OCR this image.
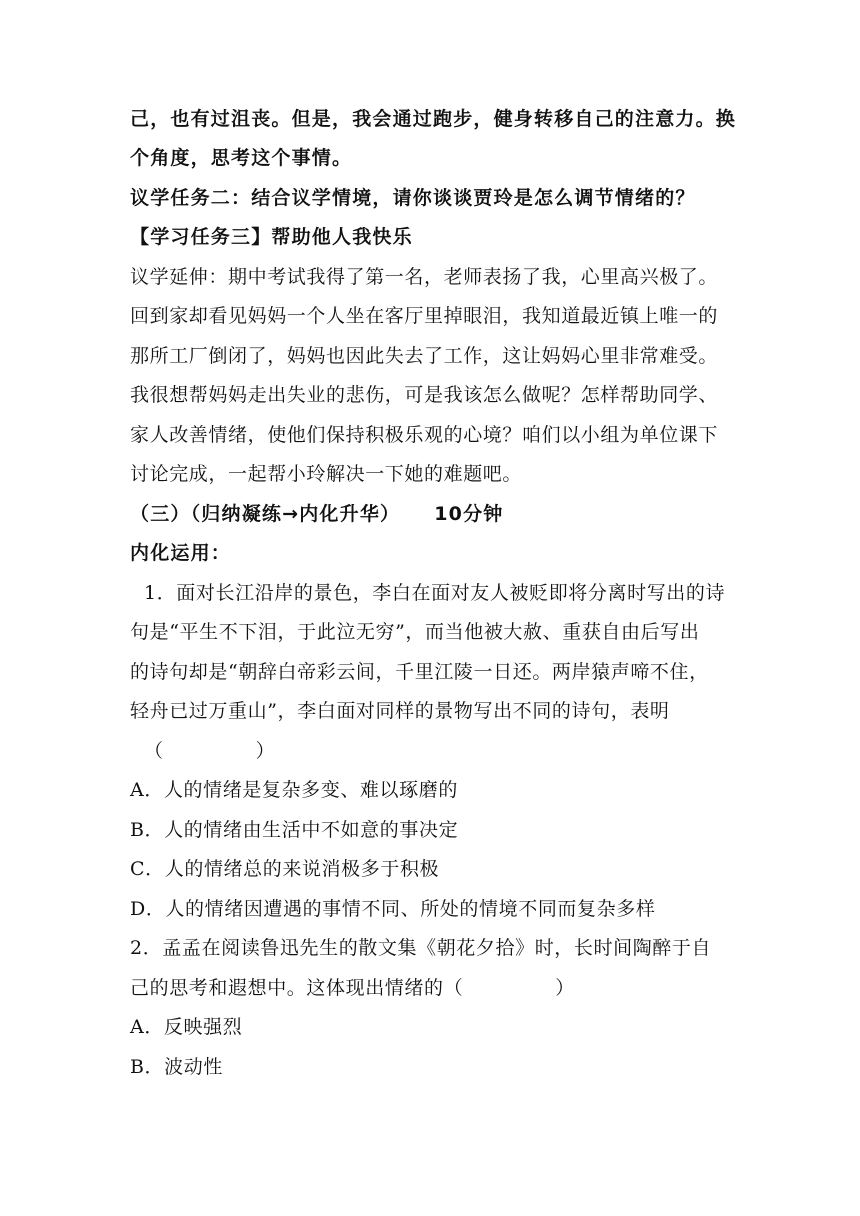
己，也有过沮丧。但是，我会通过跑步，健身转移自己的注意力。换
个角度，思考这个事情。
议学任务二：结合议学情境，请你谈谈贾玲是怎么调节情绪的？
【学习任务三】帮助他人我快乐
议学延伸：期中考试我得了第一名，老师表扬了我，心里高兴极了。
回到家却看见妈妈一个人坐在客厅里掉眼泪，我知道最近镇上唯一的
那所工厂倒闭了，妈妈也因此失去了工作，这让妈妈心里非常难受。
我很想帮妈妈走出失业的悲伤，可是我该怎么做呢？怎样帮助同学、
家人改善情绪，使他们保持积极乐观的心境？咱们以小组为单位课下
讨论完成，一起帮小玲解决一下她的难题吧。
（三）（归纳凝练→内化升华） 10分钟
内化运用：
1．面对长江沿岸的景色，李白在面对友人被贬即将分离时写出的诗
句是“平生不下泪，于此泣无穷”，而当他被大赦、重获自由后写出
的诗句却是“朝辞白帝彩云间，千里江陵一日还。两岸猿声啼不住，
轻舟已过万重山”，李白面对同样的景物写出不同的诗句，表明
（	）
A．人的情绪是复杂多变、难以琢磨的
B．人的情绪由生活中不如意的事决定
C．人的情绪总的来说消极多于积极
D．人的情绪因遭遇的事情不同、所处的情境不同而复杂多样
2．孟孟在阅读鲁迅先生的散文集《朝花夕拾》时，长时间陶醉于自
己的思考和遐想中。这体现出情绪的（	）
A．反映强烈
B．波动性
